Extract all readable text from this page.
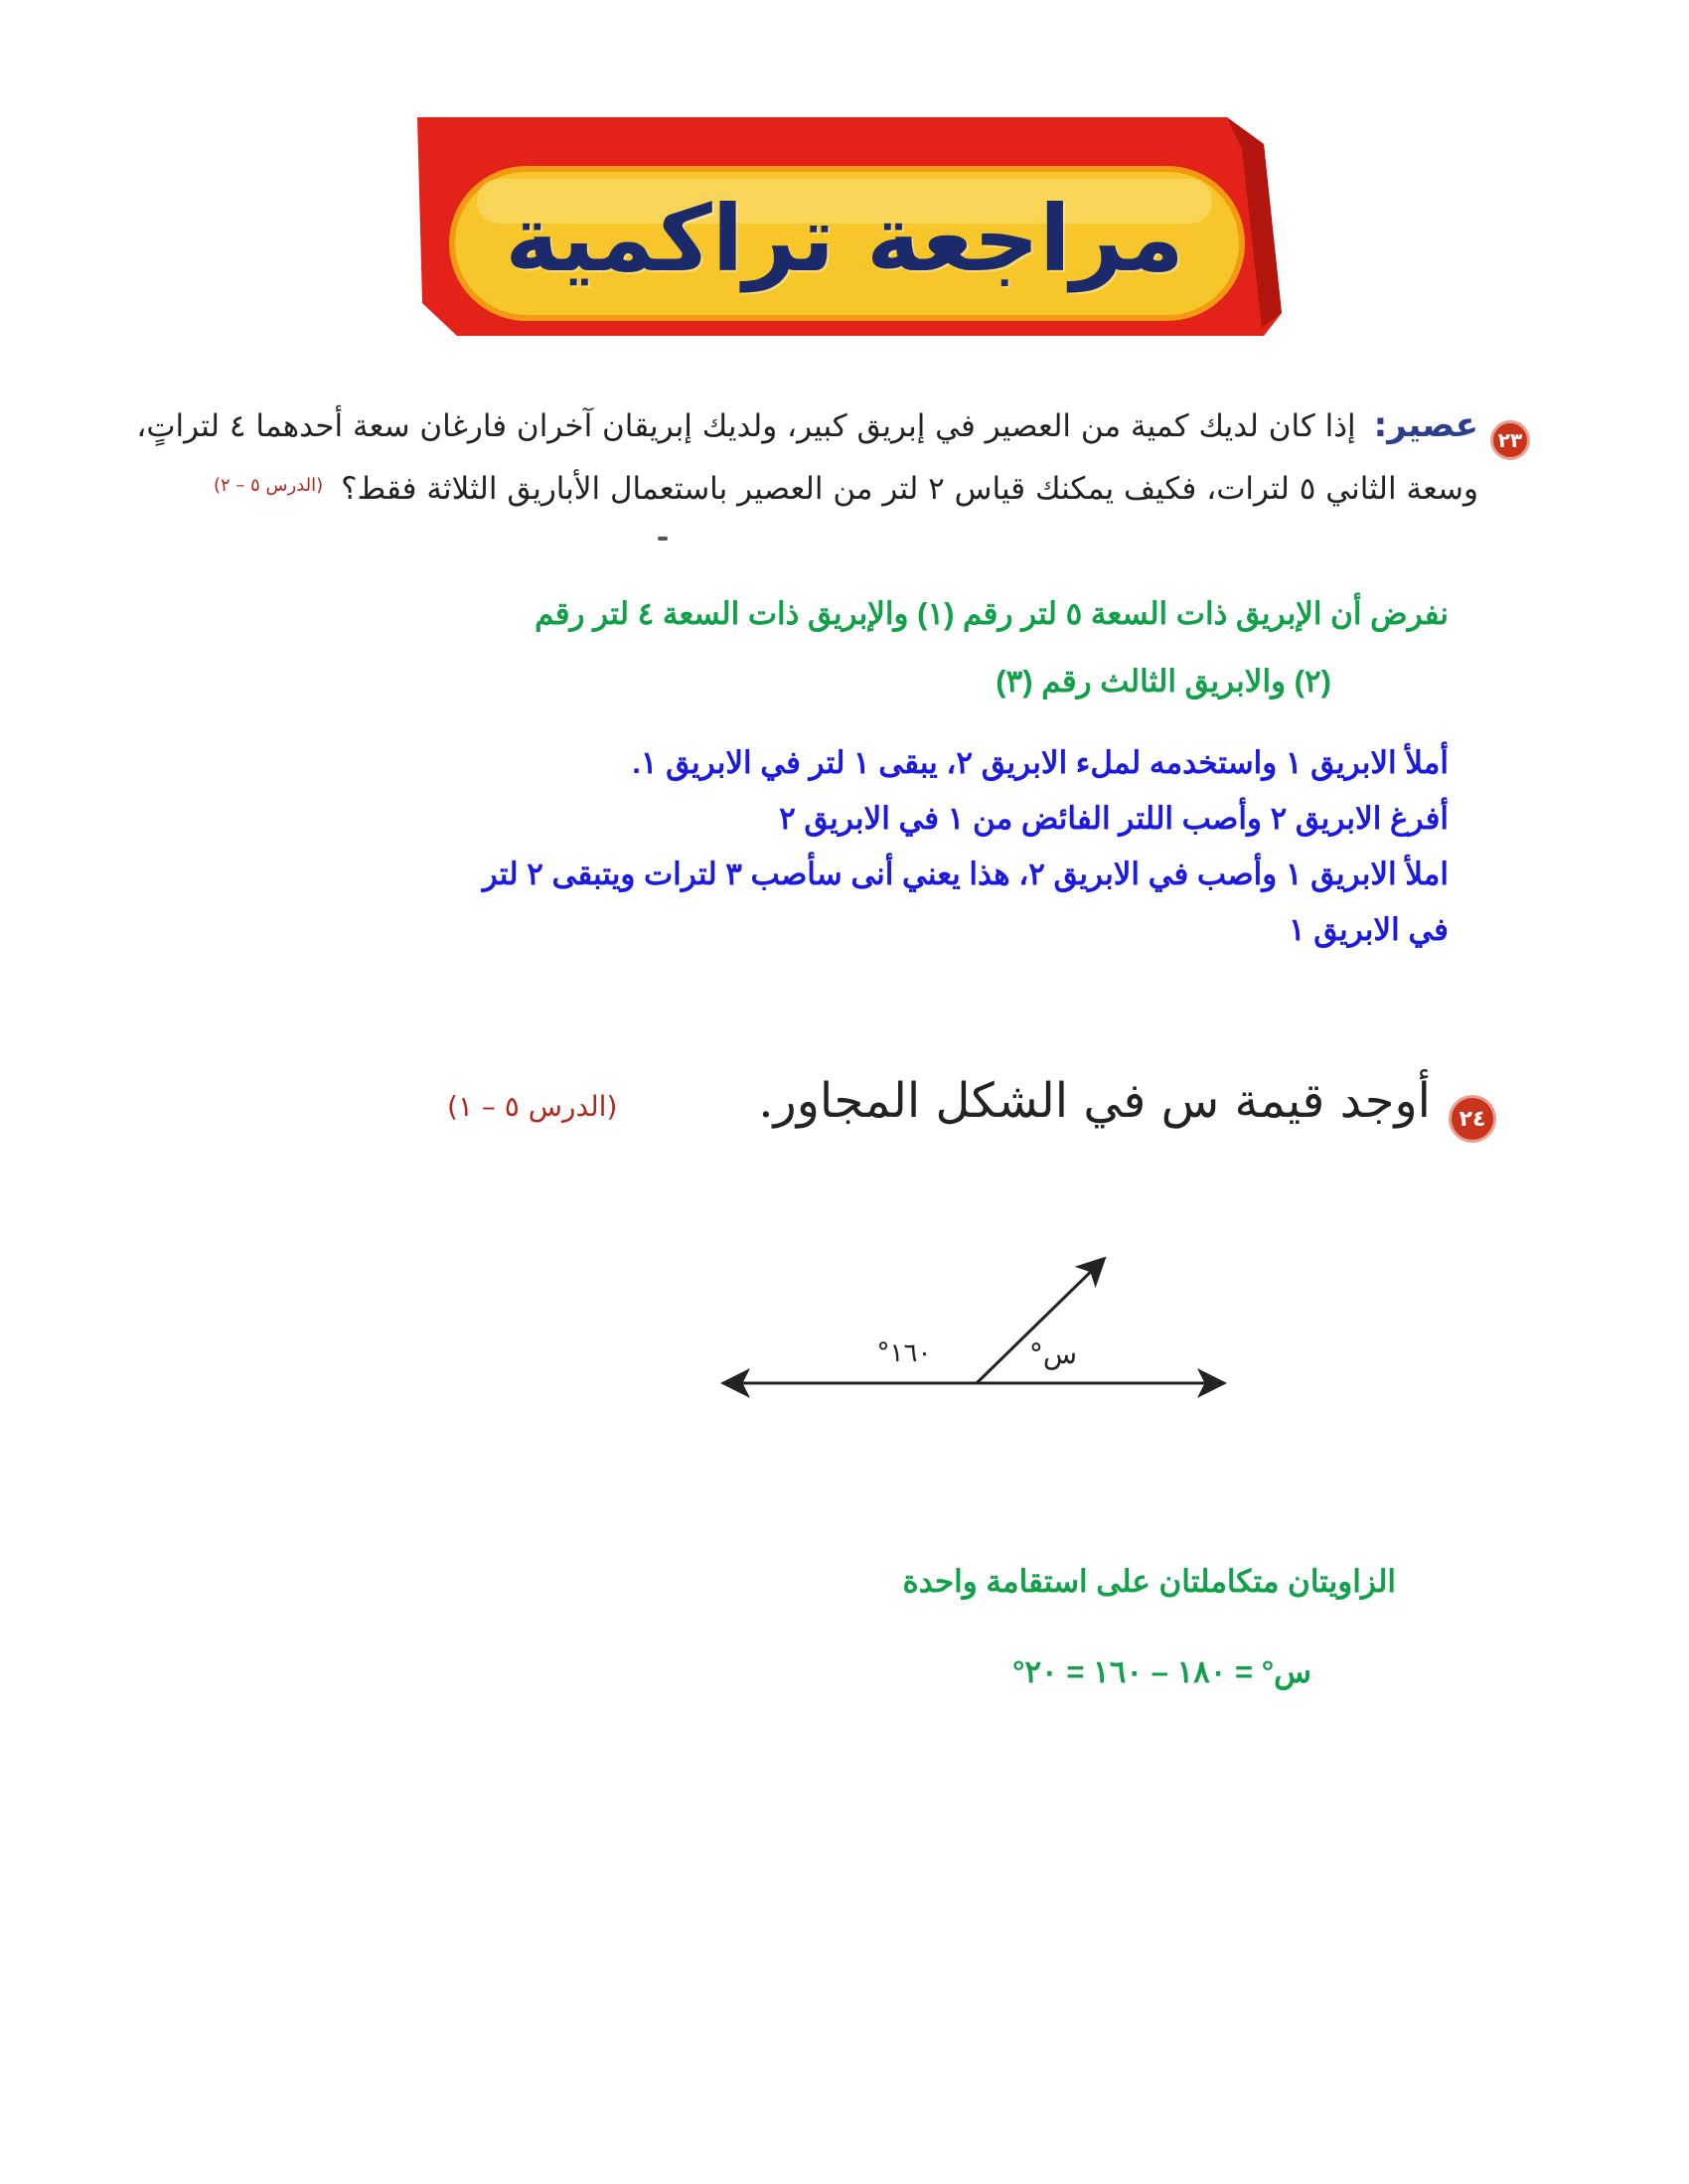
مراجعة تراكمية
٢٣
عصير:إذا كان لديك كمية من العصير في إبريق كبير، ولديك إبريقان آخران فارغان سعة أحدهما ٤ لتراتٍ،
وسعة الثاني ٥ لترات، فكيف يمكنك قياس ٢ لتر من العصير باستعمال الأباريق الثلاثة فقط؟
(الدرس ٥ – ٢)
نفرض أن الإبريق ذات السعة ٥ لتر رقم (١) والإبريق ذات السعة ٤ لتر رقم
(٢) والابريق الثالث رقم (٣)
أملأ الابريق ١ واستخدمه لملء الابريق ٢، يبقى ١ لتر في الابريق ١.
أفرغ الابريق ٢ وأصب اللتر الفائض من ١ في الابريق ٢
املأ الابريق ١ وأصب في الابريق ٢، هذا يعني أنى سأصب ٣ لترات ويتبقى ٢ لتر
في الابريق ١
٢٤
أوجد قيمة س في الشكل المجاور.
(الدرس ٥ – ١)
١٦٠°	س°
الزاويتان متكاملتان على استقامة واحدة
س° = ١٨٠ – ١٦٠ = ٢٠°
